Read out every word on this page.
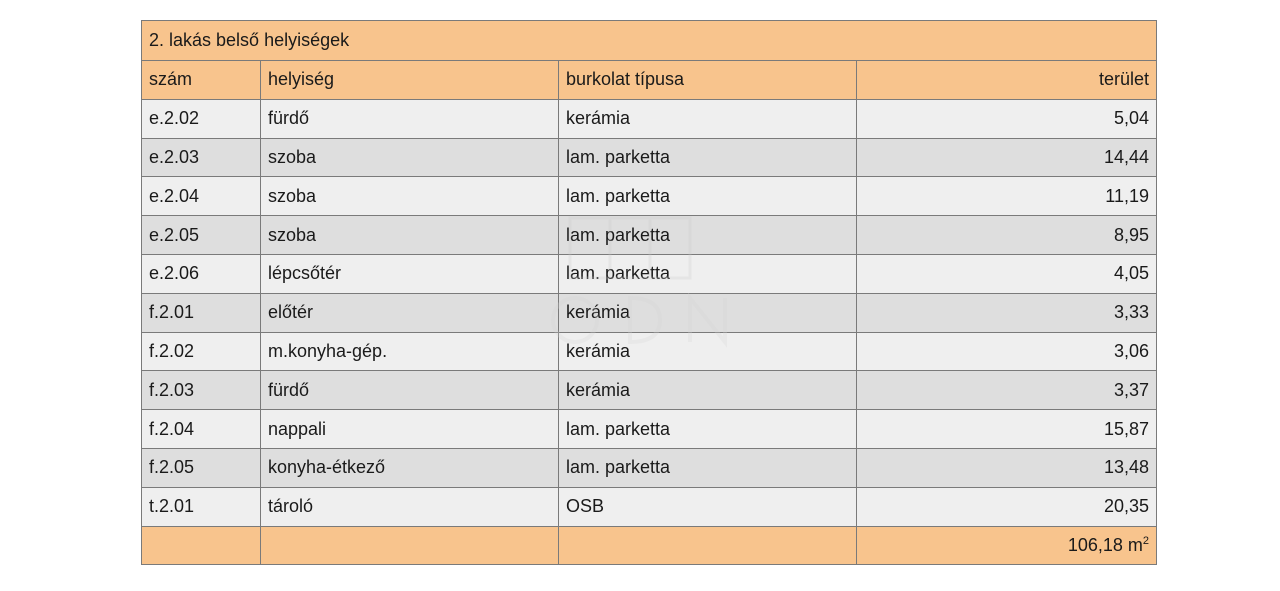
2. lakás belső helyiségek			
szám	helyiség	burkolat típusa	terület
e.2.02	fürdő	kerámia	5,04
e.2.03	szoba	lam. parketta	14,44
e.2.04	szoba	lam. parketta	11,19
e.2.05	szoba	lam. parketta	8,95
e.2.06	lépcsőtér	lam. parketta	4,05
f.2.01	előtér	kerámia	3,33
f.2.02	m.konyha-gép.	kerámia	3,06
f.2.03	fürdő	kerámia	3,37
f.2.04	nappali	lam. parketta	15,87
f.2.05	konyha-étkező	lam. parketta	13,48
t.2.01	tároló	OSB	20,35
			106,18 $m^2$
